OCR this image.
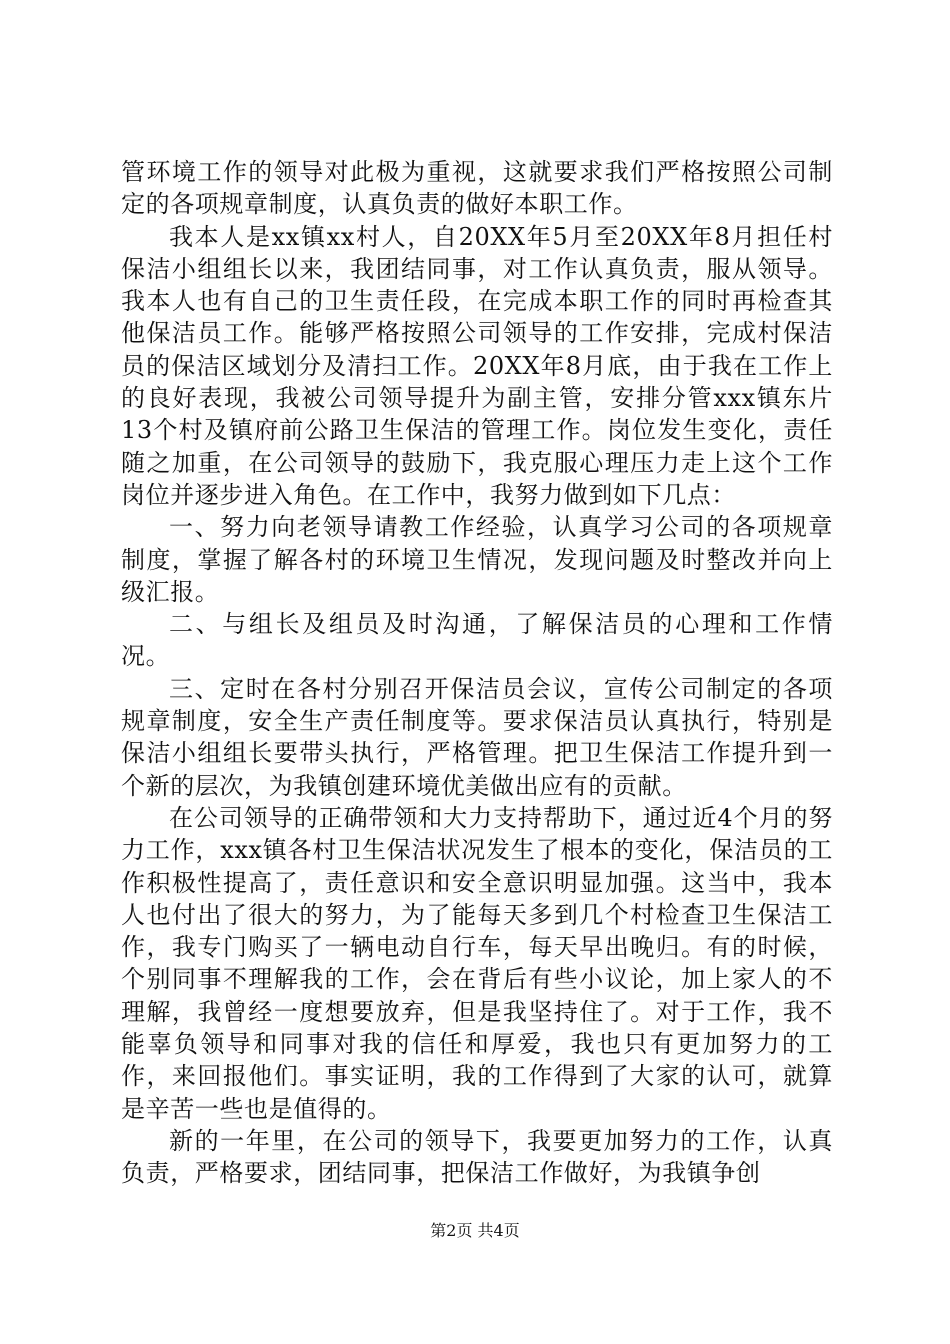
管环境工作的领导对此极为重视，这就要求我们严格按照公司制定的各项规章制度，认真负责的做好本职工作。

我本人是xx镇xx村人，自20XX年5月至20XX年8月担任村保洁小组组长以来，我团结同事，对工作认真负责，服从领导。我本人也有自己的卫生责任段，在完成本职工作的同时再检查其他保洁员工作。能够严格按照公司领导的工作安排，完成村保洁员的保洁区域划分及清扫工作。20XX年8月底，由于我在工作上的良好表现，我被公司领导提升为副主管，安排分管xxx镇东片13个村及镇府前公路卫生保洁的管理工作。岗位发生变化，责任随之加重，在公司领导的鼓励下，我克服心理压力走上这个工作岗位并逐步进入角色。在工作中，我努力做到如下几点：

一、努力向老领导请教工作经验，认真学习公司的各项规章制度，掌握了解各村的环境卫生情况，发现问题及时整改并向上级汇报。

二、与组长及组员及时沟通，了解保洁员的心理和工作情况。

三、定时在各村分别召开保洁员会议，宣传公司制定的各项规章制度，安全生产责任制度等。要求保洁员认真执行，特别是保洁小组组长要带头执行，严格管理。把卫生保洁工作提升到一个新的层次，为我镇创建环境优美做出应有的贡献。

在公司领导的正确带领和大力支持帮助下，通过近4个月的努力工作，xxx镇各村卫生保洁状况发生了根本的变化，保洁员的工作积极性提高了，责任意识和安全意识明显加强。这当中，我本人也付出了很大的努力，为了能每天多到几个村检查卫生保洁工作，我专门购买了一辆电动自行车，每天早出晚归。有的时候，个别同事不理解我的工作，会在背后有些小议论，加上家人的不理解，我曾经一度想要放弃，但是我坚持住了。对于工作，我不能辜负领导和同事对我的信任和厚爱，我也只有更加努力的工作，来回报他们。事实证明，我的工作得到了大家的认可，就算是辛苦一些也是值得的。

新的一年里，在公司的领导下，我要更加努力的工作，认真负责，严格要求，团结同事，把保洁工作做好，为我镇争创

第2页 共4页
